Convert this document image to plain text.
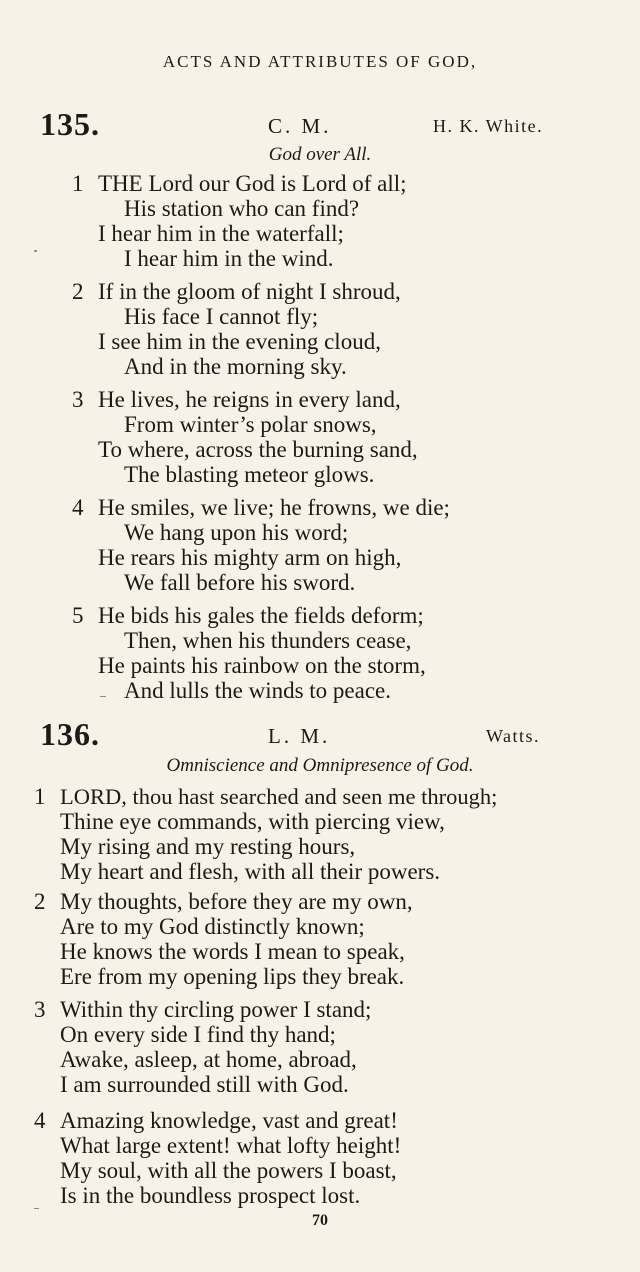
ACTS AND ATTRIBUTES OF GOD,
135.	C. M.	H. K. White.
God over All.
1 THE Lord our God is Lord of all;
His station who can find?
I hear him in the waterfall;
I hear him in the wind.
2 If in the gloom of night I shroud,
His face I cannot fly;
I see him in the evening cloud,
And in the morning sky.
3 He lives, he reigns in every land,
From winter’s polar snows,
To where, across the burning sand,
The blasting meteor glows.
4 He smiles, we live; he frowns, we die;
We hang upon his word;
He rears his mighty arm on high,
We fall before his sword.
5 He bids his gales the fields deform;
Then, when his thunders cease,
He paints his rainbow on the storm,
And lulls the winds to peace.
136.	L. M.	Watts.
Omniscience and Omnipresence of God.
1 LORD, thou hast searched and seen me through;
Thine eye commands, with piercing view,
My rising and my resting hours,
My heart and flesh, with all their powers.
2 My thoughts, before they are my own,
Are to my God distinctly known;
He knows the words I mean to speak,
Ere from my opening lips they break.
3 Within thy circling power I stand;
On every side I find thy hand;
Awake, asleep, at home, abroad,
I am surrounded still with God.
4 Amazing knowledge, vast and great!
What large extent! what lofty height!
My soul, with all the powers I boast,
Is in the boundless prospect lost.
70
